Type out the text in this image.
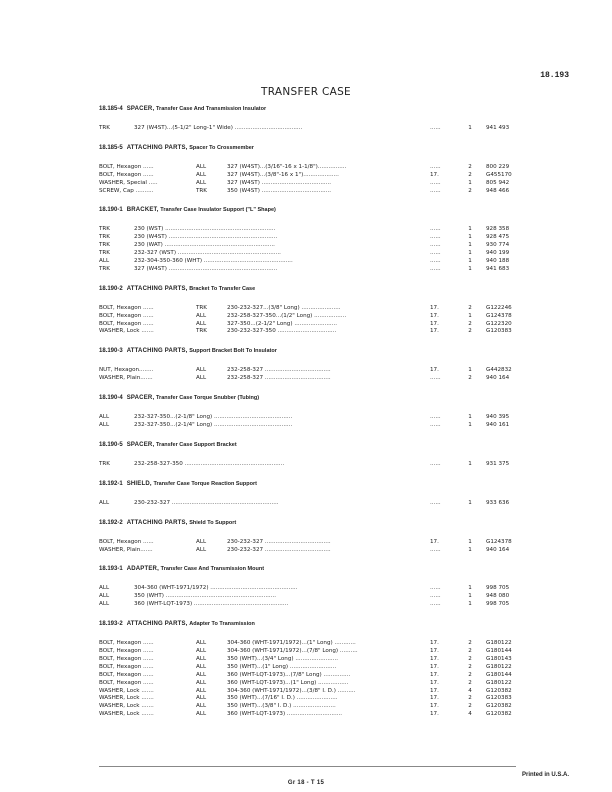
18.193
TRANSFER CASE
18.185-4 SPACER, Transfer Case And Transmission Insulator
TRK	327 (W4ST)...(5-1/2" Long-1" Wide) ......................................	......	1	941 493
18.185-5 ATTACHING PARTS, Spacer To Crossmember
BOLT, Hexagon ......	ALL	327 (W4ST)...(3/16"-16 x 1-1/8")................	......	2	800 229
BOLT, Hexagon ......	ALL	327 (W4ST)...(3/8"-16 x 1")....................	17.	2	G455170
WASHER, Special .....	ALL	327 (W4ST) .......................................	......	1	805 942
SCREW, Cap ..........	TRK	350 (W4ST) .......................................	......	2	948 466
18.190-1 BRACKET, Transfer Case Insulator Support ("L" Shape)
TRK	230 (WST) ..............................................................	......	1	928 358
TRK	230 (W4ST) .............................................................	......	1	928 475
TRK	230 (WAT) ..............................................................	......	1	930 774
TRK	232-327 (WST) ..........................................................	......	1	940 199
ALL	232-304-350-360 (WHT) ..................................................	......	1	940 188
TRK	327 (W4ST) .............................................................	......	1	941 683
18.190-2 ATTACHING PARTS, Bracket To Transfer Case
BOLT, Hexagon ......	TRK	230-232-327...(3/8" Long) ......................	17.	2	G122246
BOLT, Hexagon ......	ALL	232-258-327-350...(1/2" Long) ..................	17.	1	G124378
BOLT, Hexagon ......	ALL	327-350...(2-1/2" Long) ........................	17.	2	G122320
WASHER, Lock .......	TRK	230-232-327-350 .................................	17.	2	G120383
18.190-3 ATTACHING PARTS, Support Bracket Bolt To Insulator
NUT, Hexagon........	ALL	232-258-327 .....................................	17.	1	G442832
WASHER, Plain.......	ALL	232-258-327 .....................................	......	2	940 164
18.190-4 SPACER, Transfer Case Torque Snubber (Tubing)
ALL	232-327-350...(2-1/8" Long) ............................................	......	1	940 395
ALL	232-327-350...(2-1/4" Long) ............................................	......	1	940 161
18.190-5 SPACER, Transfer Case Support Bracket
TRK	232-258-327-350 ........................................................	......	1	931 375
18.192-1 SHIELD, Transfer Case Torque Reaction Support
ALL	230-232-327 ............................................................	......	1	933 636
18.192-2 ATTACHING PARTS, Shield To Support
BOLT, Hexagon ......	ALL	230-232-327 .....................................	17.	1	G124378
WASHER, Plain.......	ALL	230-232-327 .....................................	......	1	940 164
18.193-1 ADAPTER, Transfer Case And Transmission Mount
ALL	304-360 (WHT-1971/1972) .................................................	......	1	998 705
ALL	350 (WHT) ..............................................................	......	1	948 080
ALL	360 (WHT-LQT-1973) .....................................................	......	1	998 705
18.193-2 ATTACHING PARTS, Adapter To Transmission
BOLT, Hexagon ......	ALL	304-360 (WHT-1971/1972)...(1" Long) ............	17.	2	G180122
BOLT, Hexagon ......	ALL	304-360 (WHT-1971/1972)...(7/8" Long) ..........	17.	2	G180144
BOLT, Hexagon ......	ALL	350 (WHT)...(3/4" Long) ........................	17.	2	G180143
BOLT, Hexagon ......	ALL	350 (WHT)...(1" Long) ..........................	17.	2	G180122
BOLT, Hexagon ......	ALL	360 (WHT-LQT-1973)...(7/8" Long) ...............	17.	2	G180144
BOLT, Hexagon ......	ALL	360 (WHT-LQT-1973)...(1" Long) .................	17.	2	G180122
WASHER, Lock .......	ALL	304-360 (WHT-1971/1972)...(3/8" I. D.) ..........	17.	4	G120382
WASHER, Lock .......	ALL	350 (WHT)...(7/16" I. D.) .......................	17.	2	G120383
WASHER, Lock .......	ALL	350 (WHT)...(3/8" I. D.) ........................	17.	2	G120382
WASHER, Lock .......	ALL	360 (WHT-LQT-1973) ...............................	17.	4	G120382
Printed in U.S.A.
Gr 18 - T 15
